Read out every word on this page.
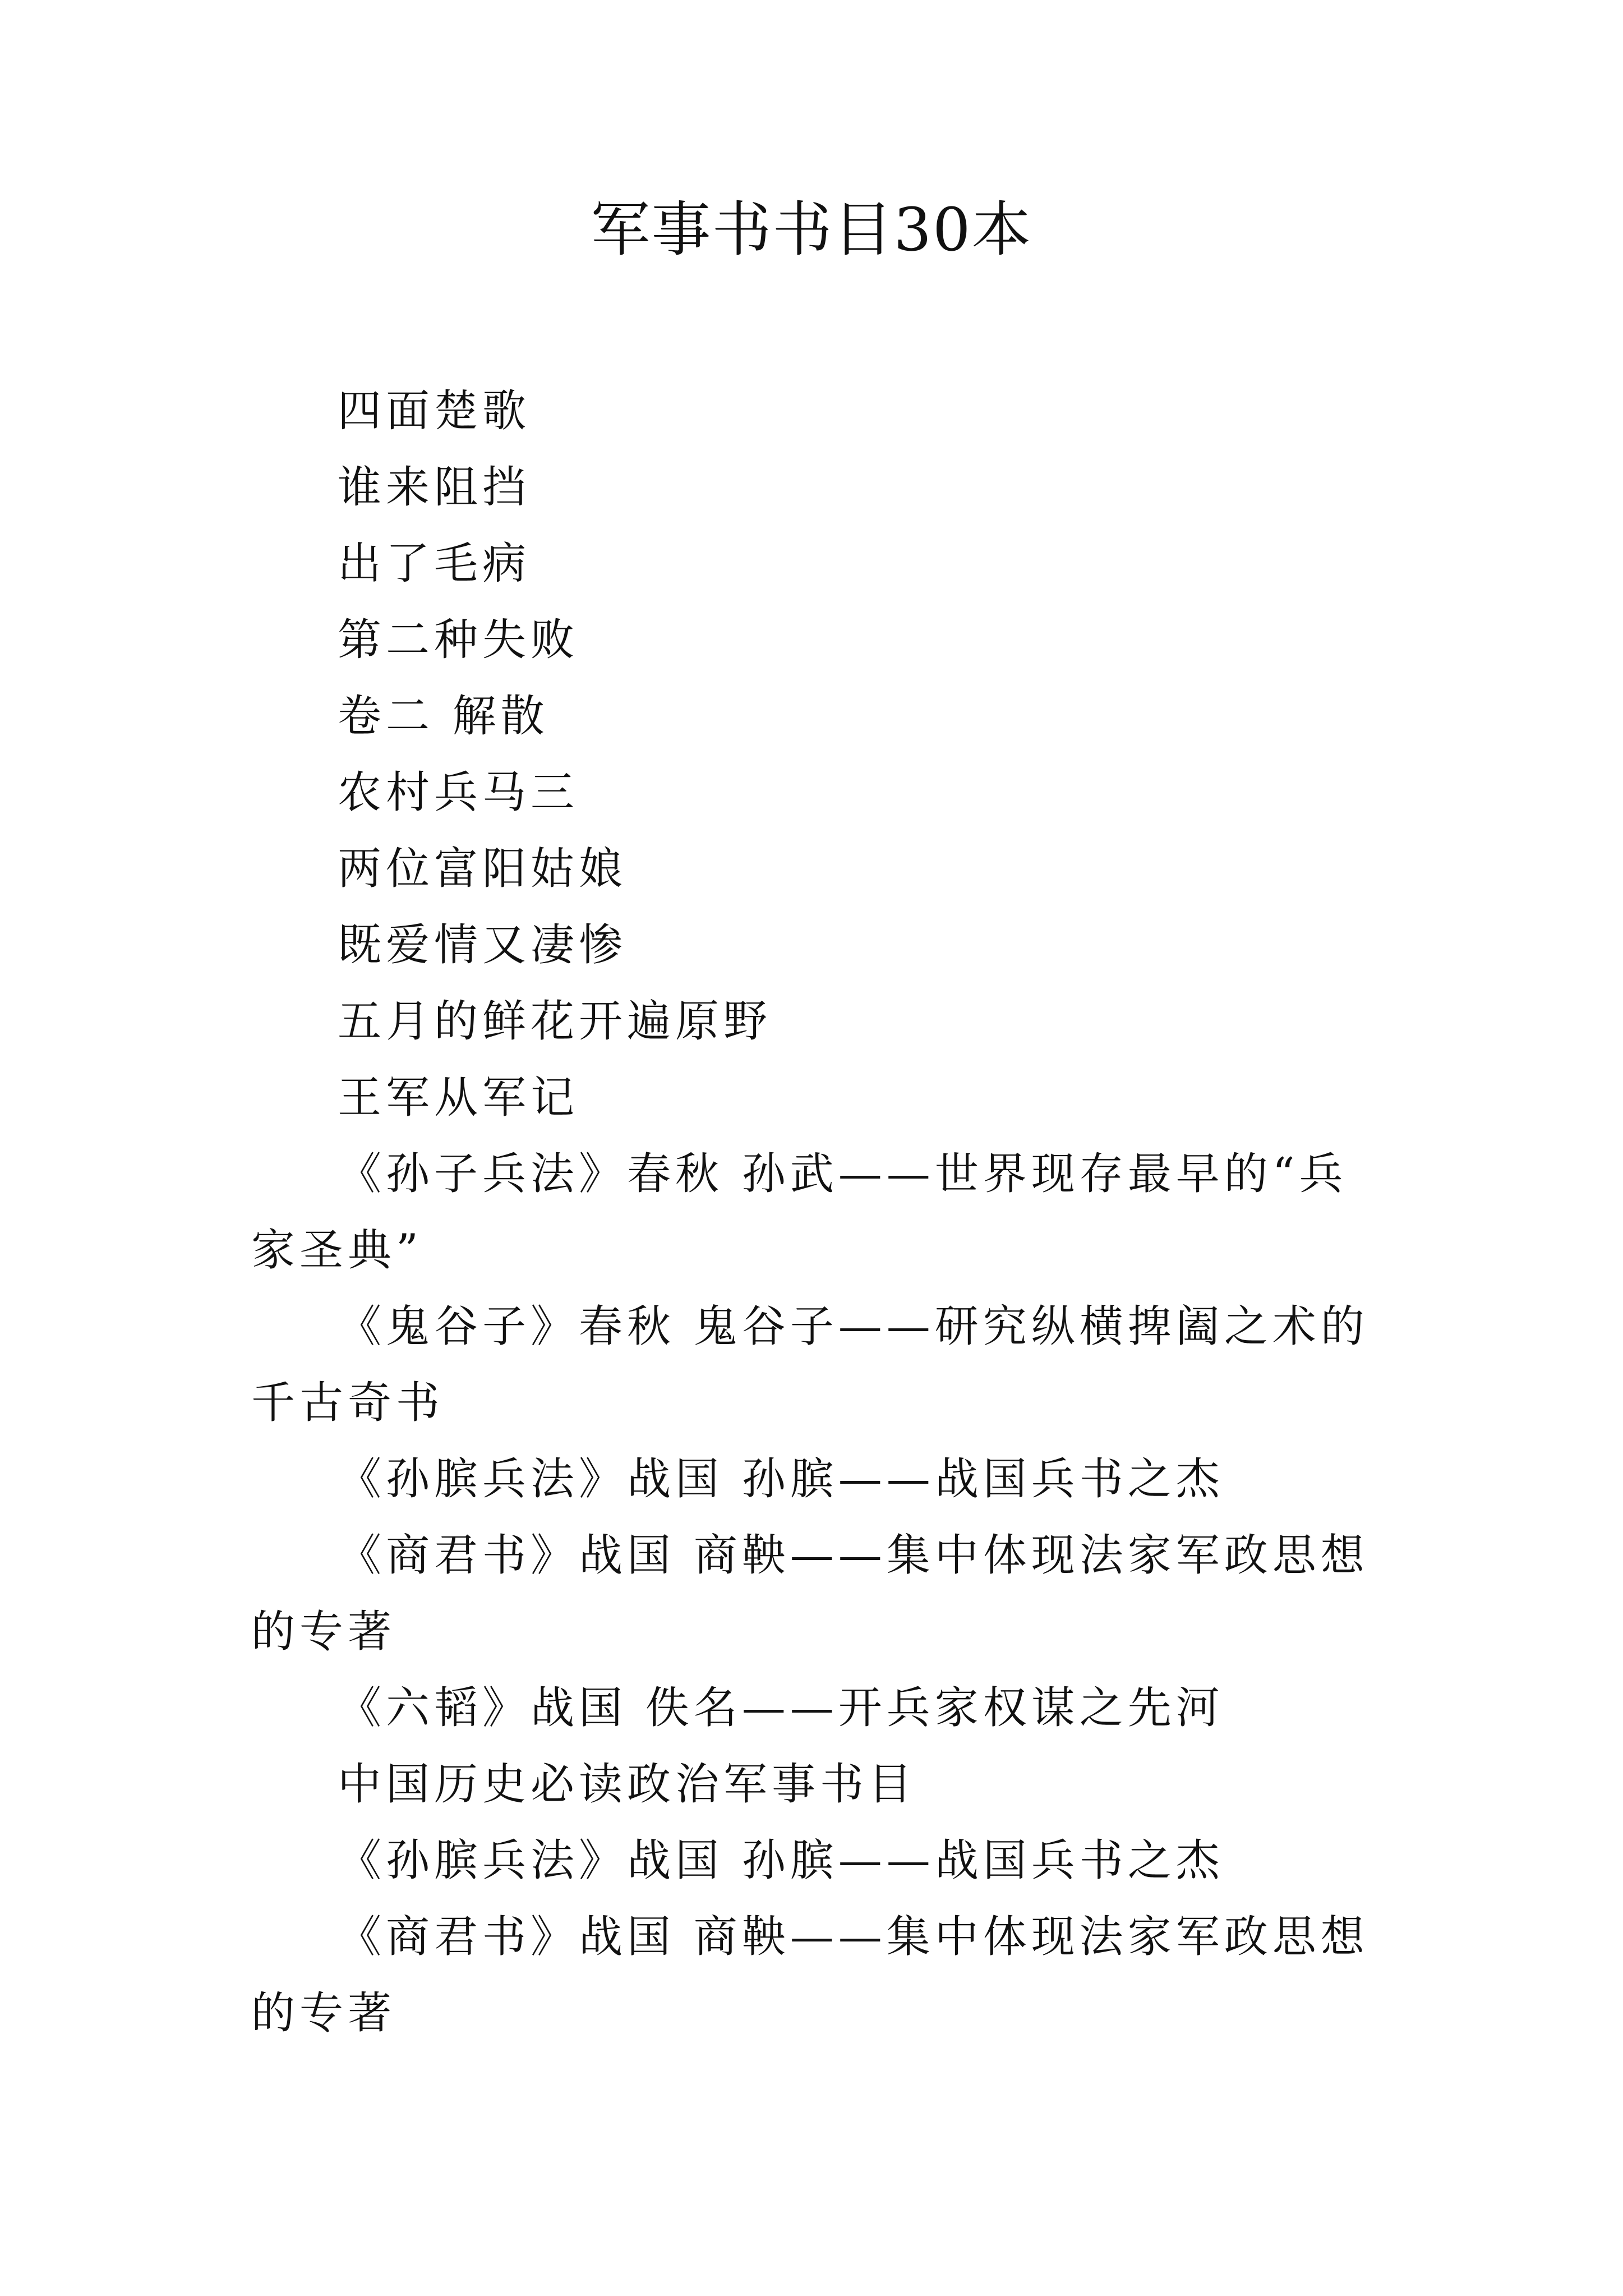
军事书书目30本

四面楚歌

谁来阻挡

出了毛病

第二种失败

卷二 解散

农村兵马三

两位富阳姑娘

既爱情又凄惨

五月的鲜花开遍原野

王军从军记

《孙子兵法》春秋 孙武——世界现存最早的“兵家圣典”

《鬼谷子》春秋 鬼谷子——研究纵横捭阖之术的千古奇书

《孙膑兵法》战国 孙膑——战国兵书之杰

《商君书》战国 商鞅——集中体现法家军政思想的专著

《六韬》战国 佚名——开兵家权谋之先河

中国历史必读政治军事书目

《孙膑兵法》战国 孙膑——战国兵书之杰

《商君书》战国 商鞅——集中体现法家军政思想的专著
